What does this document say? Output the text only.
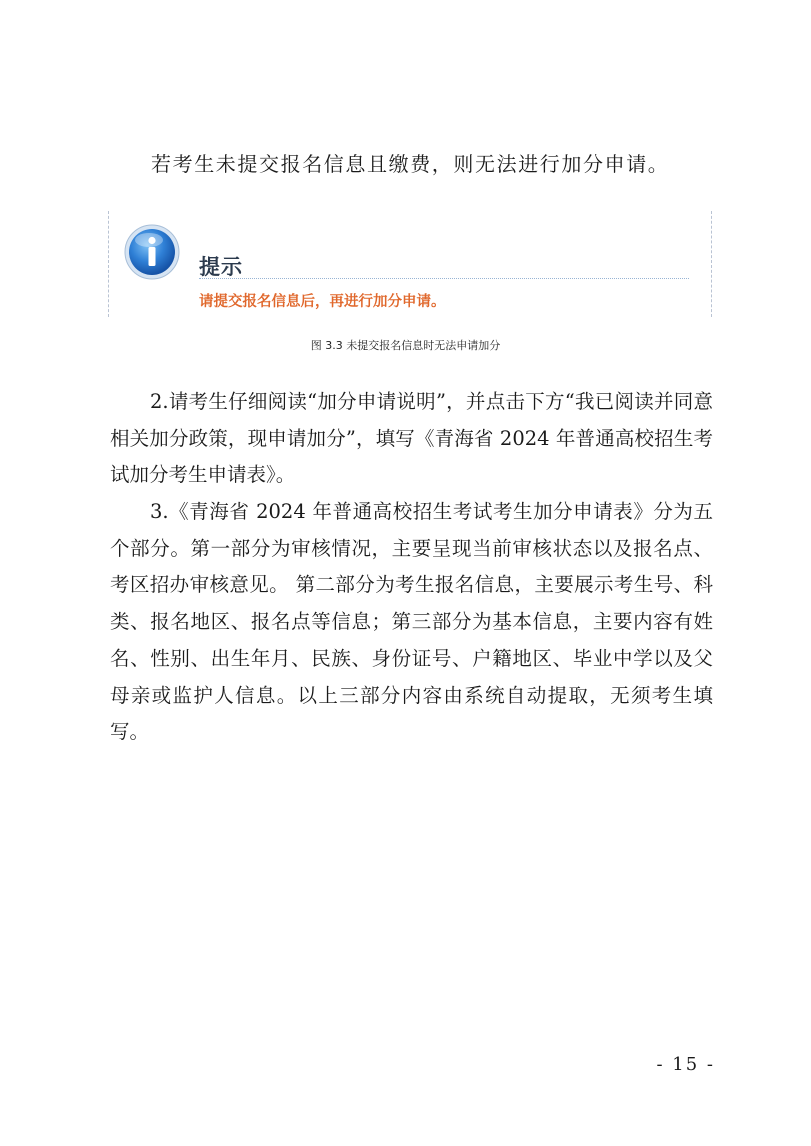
若考生未提交报名信息且缴费，则无法进行加分申请。
提示
请提交报名信息后，再进行加分申请。
图 3.3 未提交报名信息时无法申请加分

2.请考生仔细阅读“加分申请说明”，并点击下方“我已阅读并同意相关加分政策，现申请加分”，填写《青海省 2024 年普通高校招生考试加分考生申请表》。

3.《青海省 2024 年普通高校招生考试考生加分申请表》分为五个部分。第一部分为审核情况，主要呈现当前审核状态以及报名点、考区招办审核意见。 第二部分为考生报名信息，主要展示考生号、科类、报名地区、报名点等信息；第三部分为基本信息，主要内容有姓名、性别、出生年月、民族、身份证号、户籍地区、毕业中学以及父母亲或监护人信息。以上三部分内容由系统自动提取，无须考生填写。

- 15 -
